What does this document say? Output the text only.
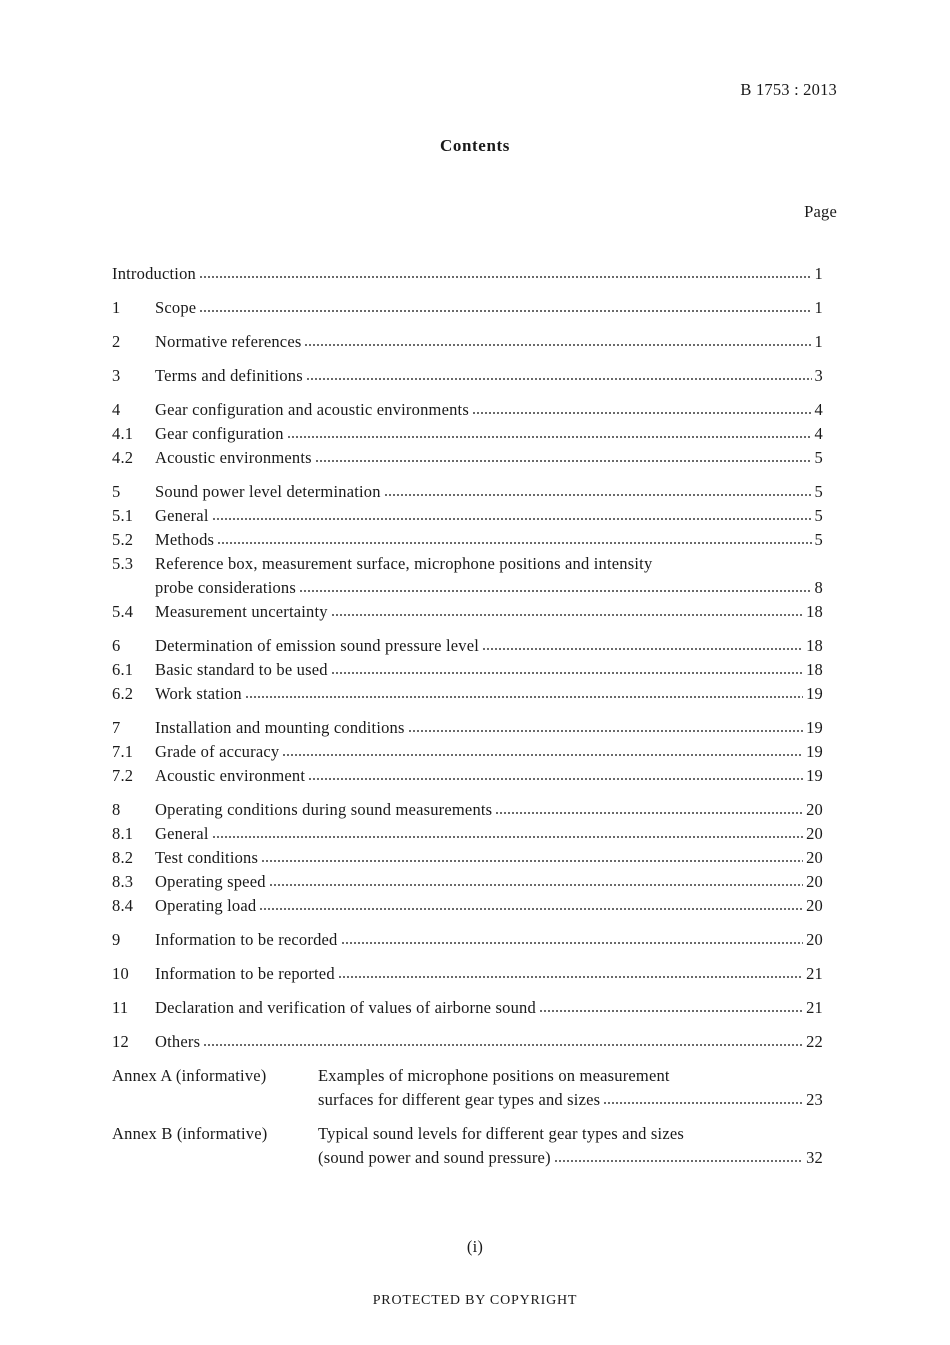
B 1753 : 2013
Contents
Page
Introduction	1
1	Scope	1
2	Normative references	1
3	Terms and definitions	3
4	Gear configuration and acoustic environments	4
4.1	Gear configuration	4
4.2	Acoustic environments	5
5	Sound power level determination	5
5.1	General	5
5.2	Methods	5
5.3	Reference box, measurement surface, microphone positions and intensity
probe considerations	8
5.4	Measurement uncertainty	18
6	Determination of emission sound pressure level	18
6.1	Basic standard to be used	18
6.2	Work station	19
7	Installation and mounting conditions	19
7.1	Grade of accuracy	19
7.2	Acoustic environment	19
8	Operating conditions during sound measurements	20
8.1	General	20
8.2	Test conditions	20
8.3	Operating speed	20
8.4	Operating load	20
9	Information to be recorded	20
10	Information to be reported	21
11	Declaration and verification of values of airborne sound	21
12	Others	22
Annex A (informative)	Examples of microphone positions on measurement
surfaces for different gear types and sizes	23
Annex B (informative)	Typical sound levels for different gear types and sizes
(sound power and sound pressure)	32
(i)
PROTECTED BY COPYRIGHT
